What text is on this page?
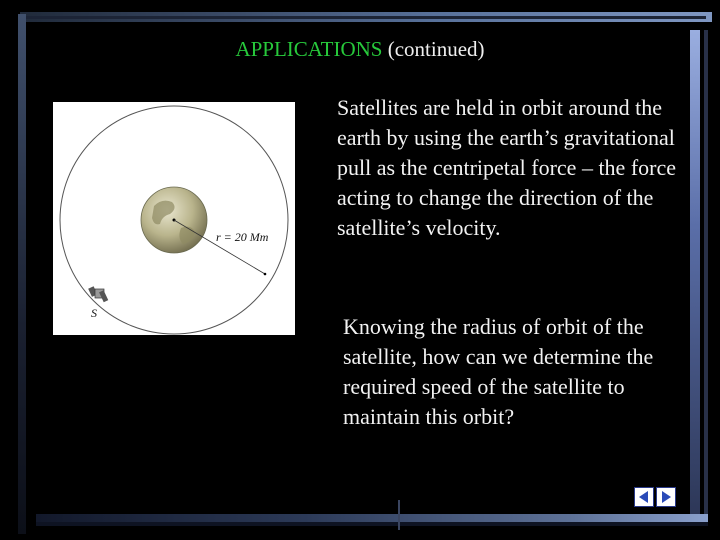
APPLICATIONS (continued)
r = 20 Mm
S

Satellites are held in orbit around the earth by using the earth’s gravitational pull as the centripetal force – the force acting to change the direction of the satellite’s velocity.

Knowing the radius of orbit of the satellite, how can we determine the required speed of the satellite to maintain this orbit?
